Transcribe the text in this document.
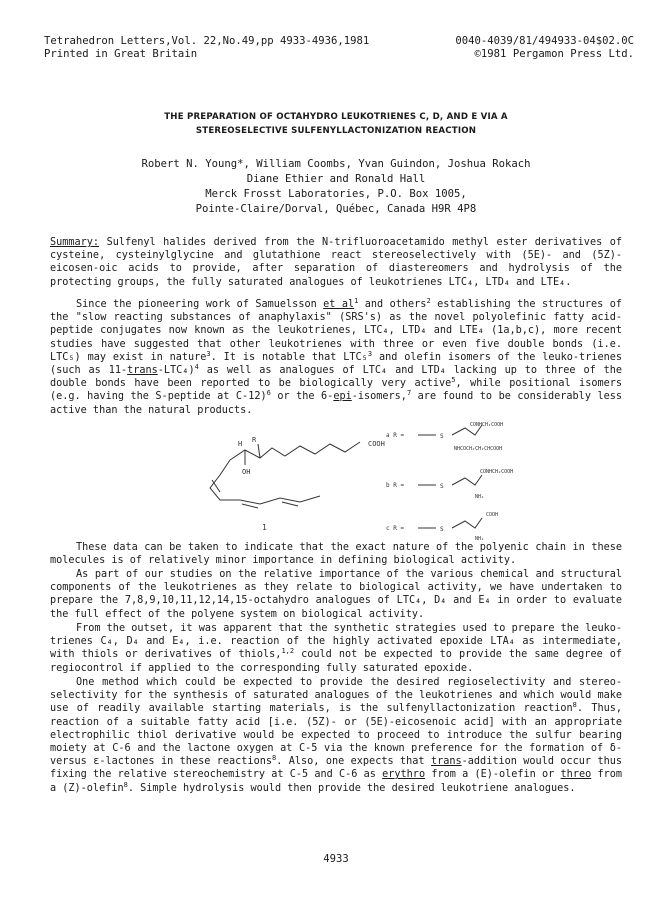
Tetrahedron Letters,Vol. 22,No.49,pp 4933-4936,1981	0040-4039/81/494933-04$02.0C
Printed in Great Britain	©1981 Pergamon Press Ltd.
THE PREPARATION OF OCTAHYDRO LEUKOTRIENES C, D, AND E VIA A
STEREOSELECTIVE SULFENYLLACTONIZATION REACTION
Robert N. Young*, William Coombs, Yvan Guindon, Joshua Rokach
Diane Ethier and Ronald Hall
Merck Frosst Laboratories, P.O. Box 1005,
Pointe-Claire/Dorval, Québec, Canada H9R 4P8

Summary: Sulfenyl halides derived from the N-trifluoroacetamido methyl ester derivatives of cysteine, cysteinylglycine and glutathione react stereoselectively with (5E)- and (5Z)-eicosen-oic acids to provide, after separation of diastereomers and hydrolysis of the protecting groups, the fully saturated analogues of leukotrienes LTC₄, LTD₄ and LTE₄.

Since the pioneering work of Samuelsson et $al^1$ and others$^2$ establishing the structures of the "slow reacting substances of anaphylaxis" (SRS's) as the novel polyolefinic fatty acid-peptide conjugates now known as the leukotrienes, LTC₄, LTD₄ and LTE₄ (1a,b,c), more recent studies have suggested that other leukotrienes with three or even five double bonds (i.e. LTC₅) may exist in nature$^3$. It is notable that LTC₅$^3$ and olefin isomers of the leuko-trienes (such as 11-trans-LTC₄)$^4$ as well as analogues of LTC₄ and LTD₄ lacking up to three of the double bonds have been reported to be biologically very active$^5$, while positional isomers (e.g. having the S-peptide at C-12)$^6$ or the 6-epi-isomers,$^7$ are found to be considerably less active than the natural products.

COOH
OH
R
H
1
a R =	S
CONHCH₂COOH
NHCOCH₂CH₂CHCOOH
b R =	S
CONHCH₂COOH
NH₂
c R =	S
COOH
NH₂

These data can be taken to indicate that the exact nature of the polyenic chain in these molecules is of relatively minor importance in defining biological activity.

As part of our studies on the relative importance of the various chemical and structural components of the leukotrienes as they relate to biological activity, we have undertaken to prepare the 7,8,9,10,11,12,14,15-octahydro analogues of LTC₄, D₄ and E₄ in order to evaluate the full effect of the polyene system on biological activity.

From the outset, it was apparent that the synthetic strategies used to prepare the leuko-trienes C₄, D₄ and E₄, i.e. reaction of the highly activated epoxide LTA₄ as intermediate, with thiols or derivatives of thiols,$^{1,2}$ could not be expected to provide the same degree of regiocontrol if applied to the corresponding fully saturated epoxide.

One method which could be expected to provide the desired regioselectivity and stereo-selectivity for the synthesis of saturated analogues of the leukotrienes and which would make use of readily available starting materials, is the sulfenyllactonization reaction$^8$. Thus, reaction of a suitable fatty acid [i.e. (5Z)- or (5E)-eicosenoic acid] with an appropriate electrophilic thiol derivative would be expected to proceed to introduce the sulfur bearing moiety at C-6 and the lactone oxygen at C-5 via the known preference for the formation of δ-versus ε-lactones in these reactions$^8$. Also, one expects that trans-addition would occur thus fixing the relative stereochemistry at C-5 and C-6 as erythro from a (E)-olefin or threo from a (Z)-olefin$^8$. Simple hydrolysis would then provide the desired leukotriene analogues.

4933
